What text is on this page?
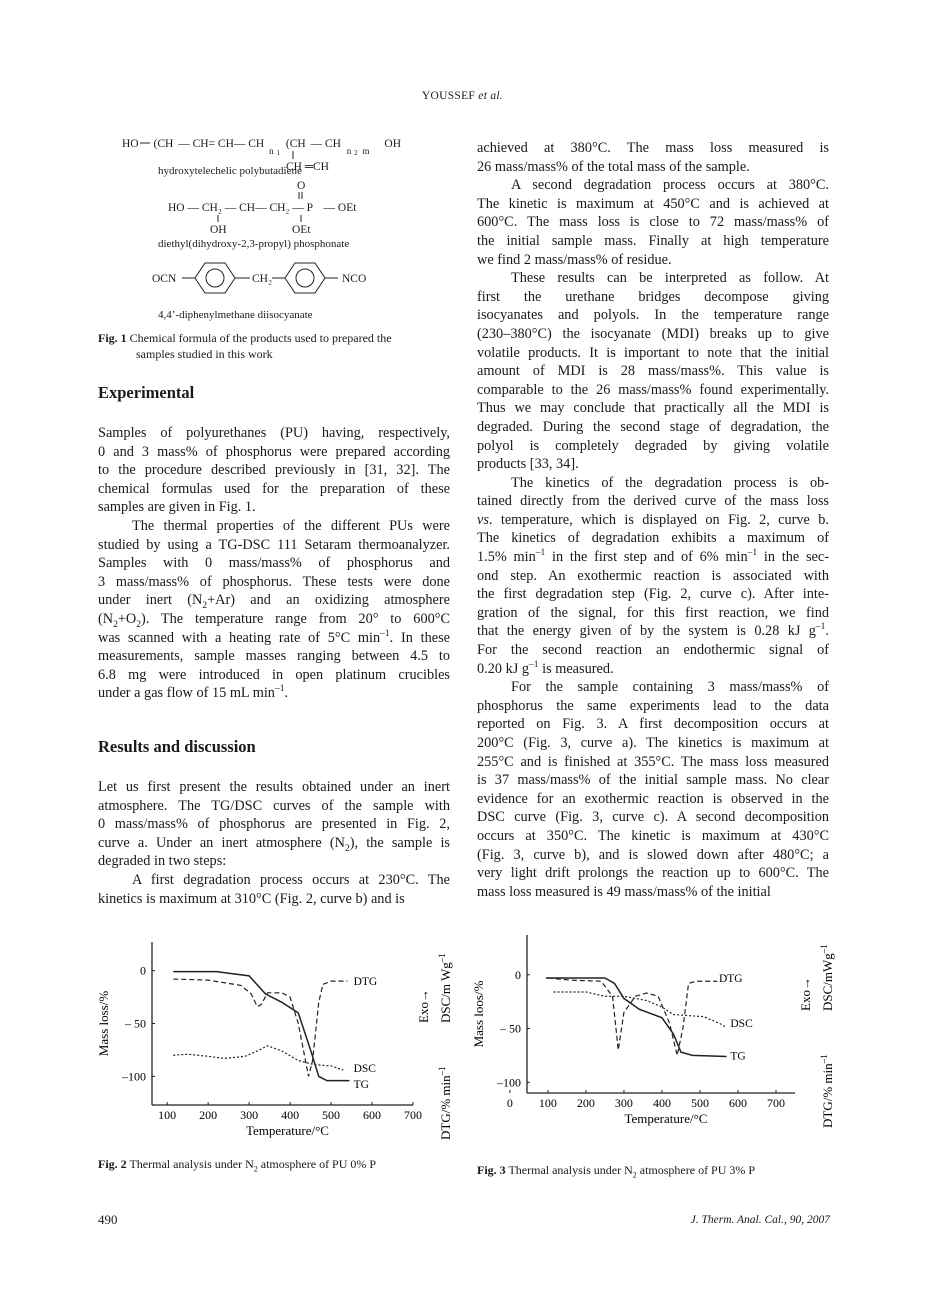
YOUSSEF et al.
HO (CH — CH= CH— CH $_n$ 1 (CH — CH $_n$ 2 m OH
CH ═CH
hydroxytelechelic polybutadiene
O
HO — CH₂ — CH— CH₂ — P — OEt
OH	OEt
diethyl(dihydroxy-2,3-propyl) phosphonate
OCN	CH₂	NCO
4,4’-diphenylmethane diisocyanate
Fig. 1 Chemical formula of the products used to prepared the
samples studied in this work
Experimental
Samples of polyurethanes (PU) having, respectively,
0 and 3 mass% of phosphorus were prepared according
to the procedure described previously in [31, 32]. The
chemical formulas used for the preparation of these
samples are given in Fig. 1.
The thermal properties of the different PUs were
studied by using a TG-DSC 111 Setaram thermoanalyzer.
Samples with 0 mass/mass% of phosphorus and
3 mass/mass% of phosphorus. These tests were done
under inert $(N_2+Ar)$ and an oxidizing atmosphere
$(N_2+O_2)$. The temperature range from 20° to 600°C
was scanned with a heating rate of 5°C $\min^{-1}$. In these
measurements, sample masses ranging between 4.5 to
6.8 mg were introduced in open platinum crucibles
under a gas flow of 15 mL $\min^{-1}$.
Results and discussion
Let us first present the results obtained under an inert
atmosphere. The TG/DSC curves of the sample with
0 mass/mass% of phosphorus are presented in Fig. 2,
curve a. Under an inert atmosphere $(N_2)$, the sample is
degraded in two steps:
A first degradation process occurs at 230°C. The
kinetics is maximum at 310°C (Fig. 2, curve b) and is
achieved at 380°C. The mass loss measured is
26 mass/mass% of the total mass of the sample.
A second degradation process occurs at 380°C.
The kinetic is maximum at 450°C and is achieved at
600°C. The mass loss is close to 72 mass/mass% of
the initial sample mass. Finally at high temperature
we find 2 mass/mass% of residue.
These results can be interpreted as follow. At
first the urethane bridges decompose giving
isocyanates and polyols. In the temperature range
(230–380°C) the isocyanate (MDI) breaks up to give
volatile products. It is important to note that the initial
amount of MDI is 28 mass/mass%. This value is
comparable to the 26 mass/mass% found experimentally.
Thus we may conclude that practically all the MDI is
degraded. During the second stage of degradation, the
polyol is completely degraded by giving volatile
products [33, 34].
The kinetics of the degradation process is ob-
tained directly from the derived curve of the mass loss
vs. temperature, which is displayed on Fig. 2, curve b.
The kinetics of degradation exhibits a maximum of
1.5% $\min^{-1}$ in the first step and of 6% $\min^{-1}$ in the sec-
ond step. An exothermic reaction is associated with
the first degradation step (Fig. 2, curve c). After inte-
gration of the signal, for this first reaction, we find
that the energy given of by the system is 0.28 kJ $g^{-1}$.
For the second reaction an endothermic signal of
0.20 kJ $g^{-1}$ is measured.
For the sample containing 3 mass/mass% of
phosphorus the same experiments lead to the data
reported on Fig. 3. A first decomposition occurs at
200°C (Fig. 3, curve a). The kinetics is maximum at
255°C and is finished at 355°C. The mass loss measured
is 37 mass/mass% of the initial sample mass. No clear
evidence for an exothermic reaction is observed in the
DSC curve (Fig. 3, curve c). A second decomposition
occurs at 350°C. The kinetic is maximum at 430°C
(Fig. 3, curve b), and is slowed down after 480°C; a
very light drift prolongs the reaction up to 600°C. The
mass loss measured is 49 mass/mass% of the initial
100 200 300 400 500 600 700
0
– 50
–100
Temperature/°C
Mass loss/%
DTG/% $\min^{-1}$
DSC/m $Wg^{-1}$
Exo→
DTG
DSC
TG
Fig. 2 Thermal analysis under $N_2$ atmosphere of PU 0% P
0 100 200 300 400 500 600 700
0
– 50
–100
Temperature/°C
Mass loos/%
DTG/% $\min^{-1}$
DSC/mWg$^{-1}$
Exo→
DTG
DSC
TG
Fig. 3 Thermal analysis under $N_2$ atmosphere of PU 3% P
490	J. Therm. Anal. Cal., 90, 2007
